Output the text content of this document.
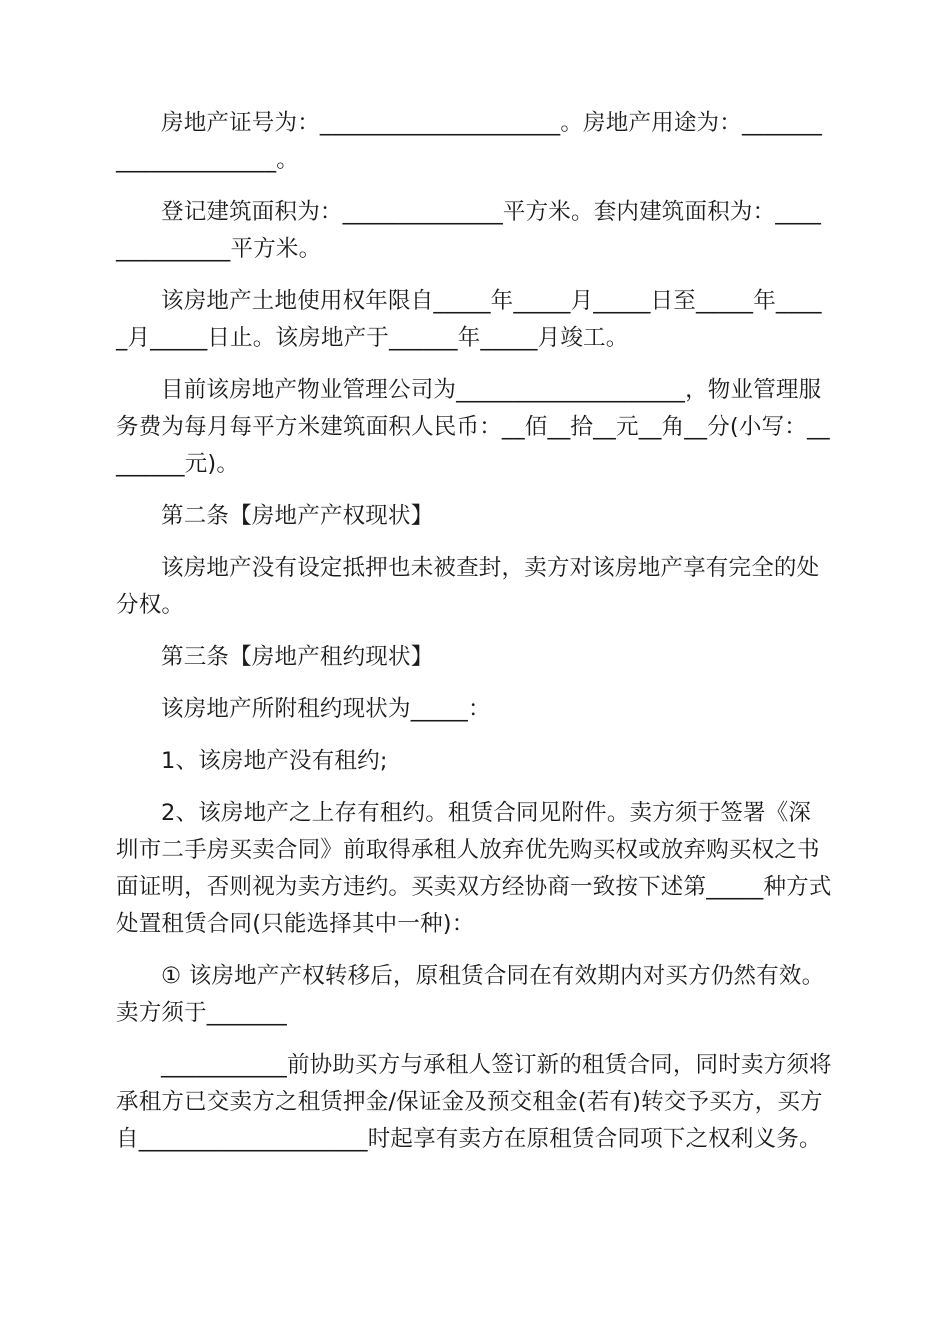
房地产证号为：_____________________。房地产用途为：_____________________。

登记建筑面积为：______________平方米。套内建筑面积为：______________平方米。

该房地产土地使用权年限自_____年_____月_____日至_____年_____月_____日止。该房地产于______年_____月竣工。

目前该房地产物业管理公司为____________________，物业管理服务费为每月每平方米建筑面积人民币：__佰__拾__元__角__分(小写：________元)。

第二条【房地产产权现状】

该房地产没有设定抵押也未被查封，卖方对该房地产享有完全的处分权。

第三条【房地产租约现状】

该房地产所附租约现状为_____：

1、该房地产没有租约;

2、该房地产之上存有租约。租赁合同见附件。卖方须于签署《深圳市二手房买卖合同》前取得承租人放弃优先购买权或放弃购买权之书面证明，否则视为卖方违约。买卖双方经协商一致按下述第_____种方式处置租赁合同(只能选择其中一种)：

① 该房地产产权转移后，原租赁合同在有效期内对买方仍然有效。卖方须于_______

___________前协助买方与承租人签订新的租赁合同，同时卖方须将承租方已交卖方之租赁押金/保证金及预交租金(若有)转交予买方，买方自____________________时起享有卖方在原租赁合同项下之权利义务。
